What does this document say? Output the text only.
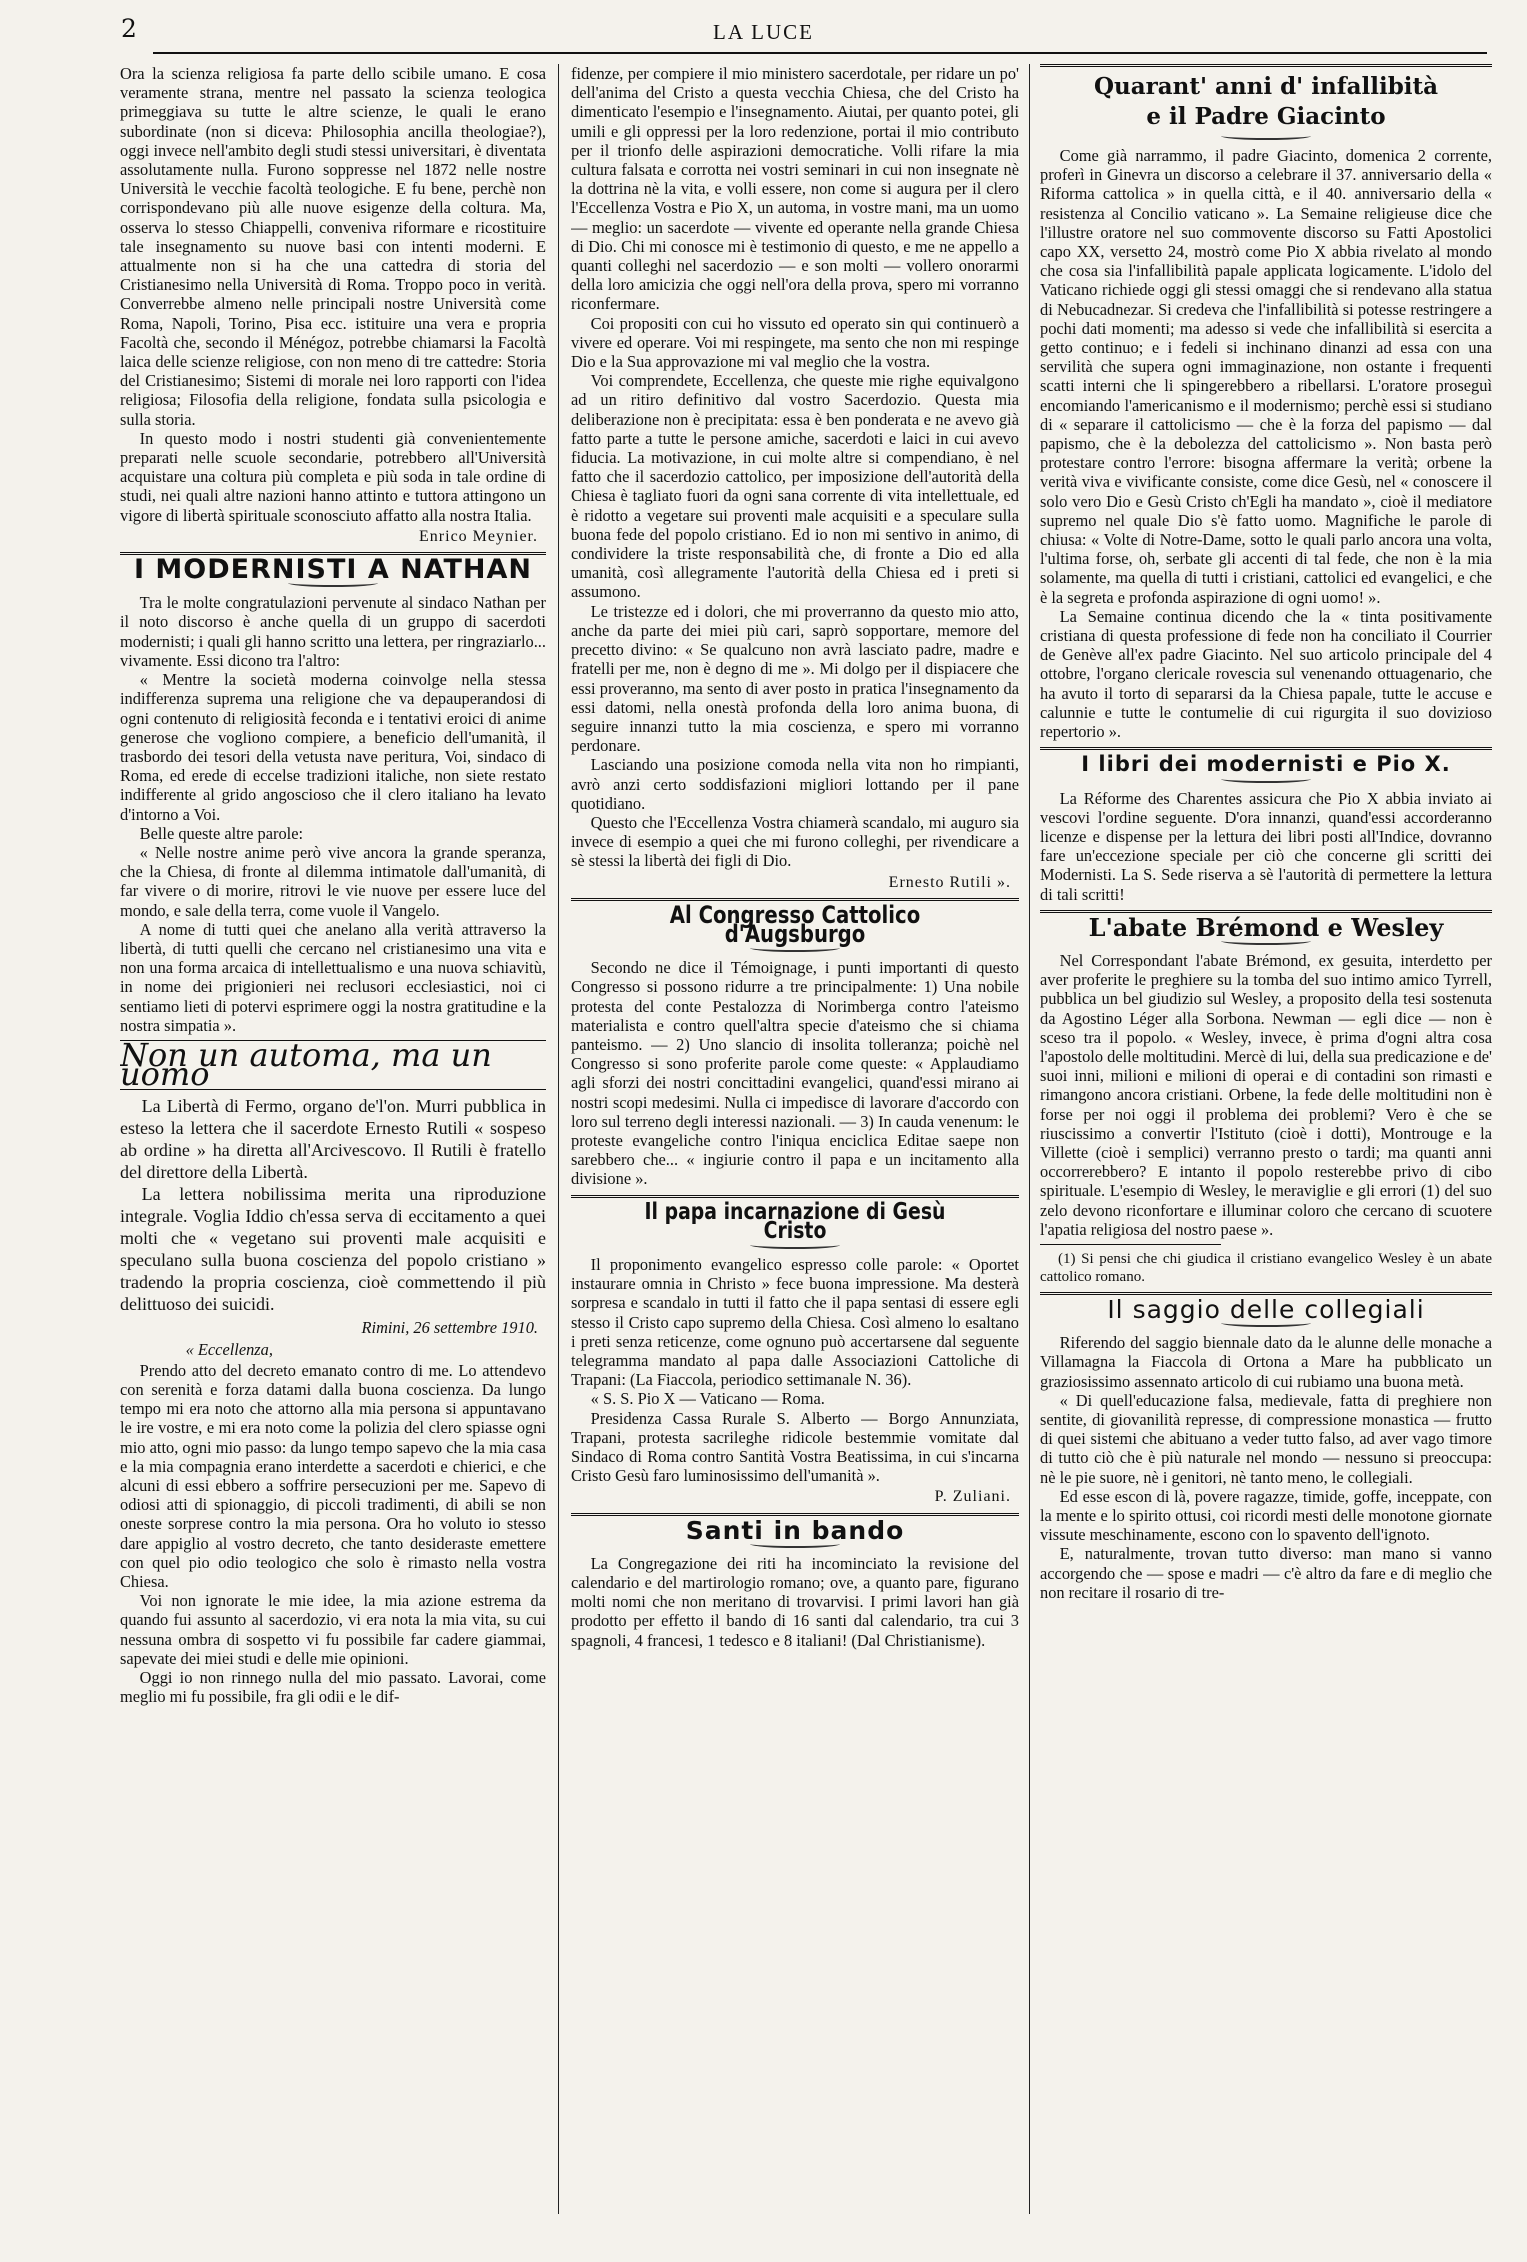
2	LA LUCE

Ora la scienza religiosa fa parte dello scibile umano. E cosa veramente strana, mentre nel passato la scienza teologica primeggiava su tutte le altre scienze, le quali le erano subordinate (non si diceva: Philosophia ancilla theologiae?), oggi invece nell'ambito degli studi stessi universitari, è diventata assolutamente nulla. Furono soppresse nel 1872 nelle nostre Università le vecchie facoltà teologiche. E fu bene, perchè non corrispondevano più alle nuove esigenze della coltura. Ma, osserva lo stesso Chiappelli, conveniva riformare e ricostituire tale insegnamento su nuove basi con intenti moderni. E attualmente non si ha che una cattedra di storia del Cristianesimo nella Università di Roma. Troppo poco in verità. Converrebbe almeno nelle principali nostre Università come Roma, Napoli, Torino, Pisa ecc. istituire una vera e propria Facoltà che, secondo il Ménégoz, potrebbe chiamarsi la Facoltà laica delle scienze religiose, con non meno di tre cattedre: Storia del Cristianesimo; Sistemi di morale nei loro rapporti con l'idea religiosa; Filosofia della religione, fondata sulla psicologia e sulla storia.

In questo modo i nostri studenti già convenientemente preparati nelle scuole secondarie, potrebbero all'Università acquistare una coltura più completa e più soda in tale ordine di studi, nei quali altre nazioni hanno attinto e tuttora attingono un vigore di libertà spirituale sconosciuto affatto alla nostra Italia.

Enrico Meynier.
I MODERNISTI A NATHAN

Tra le molte congratulazioni pervenute al sindaco Nathan per il noto discorso è anche quella di un gruppo di sacerdoti modernisti; i quali gli hanno scritto una lettera, per ringraziarlo... vivamente. Essi dicono tra l'altro:

« Mentre la società moderna coinvolge nella stessa indifferenza suprema una religione che va depauperandosi di ogni contenuto di religiosità feconda e i tentativi eroici di anime generose che vogliono compiere, a beneficio dell'umanità, il trasbordo dei tesori della vetusta nave peritura, Voi, sindaco di Roma, ed erede di eccelse tradizioni italiche, non siete restato indifferente al grido angoscioso che il clero italiano ha levato d'intorno a Voi.

Belle queste altre parole:

« Nelle nostre anime però vive ancora la grande speranza, che la Chiesa, di fronte al dilemma intimatole dall'umanità, di far vivere o di morire, ritrovi le vie nuove per essere luce del mondo, e sale della terra, come vuole il Vangelo.

A nome di tutti quei che anelano alla verità attraverso la libertà, di tutti quelli che cercano nel cristianesimo una vita e non una forma arcaica di intellettualismo e una nuova schiavitù, in nome dei prigionieri nei reclusori ecclesiastici, noi ci sentiamo lieti di potervi esprimere oggi la nostra gratitudine e la nostra simpatia ».

Non un automa, ma un uomo

La Libertà di Fermo, organo de'l'on. Murri pubblica in esteso la lettera che il sacerdote Ernesto Rutili « sospeso ab ordine » ha diretta all'Arcivescovo. Il Rutili è fratello del direttore della Libertà.

La lettera nobilissima merita una riproduzione integrale. Voglia Iddio ch'essa serva di eccitamento a quei molti che « vegetano sui proventi male acquisiti e speculano sulla buona coscienza del popolo cristiano » tradendo la propria coscienza, cioè commettendo il più delittuoso dei suicidi.

Rimini, 26 settembre 1910.
« Eccellenza,

Prendo atto del decreto emanato contro di me. Lo attendevo con serenità e forza datami dalla buona coscienza. Da lungo tempo mi era noto che attorno alla mia persona si appuntavano le ire vostre, e mi era noto come la polizia del clero spiasse ogni mio atto, ogni mio passo: da lungo tempo sapevo che la mia casa e la mia compagnia erano interdette a sacerdoti e chierici, e che alcuni di essi ebbero a soffrire persecuzioni per me. Sapevo di odiosi atti di spionaggio, di piccoli tradimenti, di abili se non oneste sorprese contro la mia persona. Ora ho voluto io stesso dare appiglio al vostro decreto, che tanto desideraste emettere con quel pio odio teologico che solo è rimasto nella vostra Chiesa.

Voi non ignorate le mie idee, la mia azione estrema da quando fui assunto al sacerdozio, vi era nota la mia vita, su cui nessuna ombra di sospetto vi fu possibile far cadere giammai, sapevate dei miei studi e delle mie opinioni.

Oggi io non rinnego nulla del mio passato. Lavorai, come meglio mi fu possibile, fra gli odii e le dif-

fidenze, per compiere il mio ministero sacerdotale, per ridare un po' dell'anima del Cristo a questa vecchia Chiesa, che del Cristo ha dimenticato l'esempio e l'insegnamento. Aiutai, per quanto potei, gli umili e gli oppressi per la loro redenzione, portai il mio contributo per il trionfo delle aspirazioni democratiche. Volli rifare la mia cultura falsata e corrotta nei vostri seminari in cui non insegnate nè la dottrina nè la vita, e volli essere, non come si augura per il clero l'Eccellenza Vostra e Pio X, un automa, in vostre mani, ma un uomo — meglio: un sacerdote — vivente ed operante nella grande Chiesa di Dio. Chi mi conosce mi è testimonio di questo, e me ne appello a quanti colleghi nel sacerdozio — e son molti — vollero onorarmi della loro amicizia che oggi nell'ora della prova, spero mi vorranno riconfermare.

Coi propositi con cui ho vissuto ed operato sin qui continuerò a vivere ed operare. Voi mi respingete, ma sento che non mi respinge Dio e la Sua approvazione mi val meglio che la vostra.

Voi comprendete, Eccellenza, che queste mie righe equivalgono ad un ritiro definitivo dal vostro Sacerdozio. Questa mia deliberazione non è precipitata: essa è ben ponderata e ne avevo già fatto parte a tutte le persone amiche, sacerdoti e laici in cui avevo fiducia. La motivazione, in cui molte altre si compendiano, è nel fatto che il sacerdozio cattolico, per imposizione dell'autorità della Chiesa è tagliato fuori da ogni sana corrente di vita intellettuale, ed è ridotto a vegetare sui proventi male acquisiti e a speculare sulla buona fede del popolo cristiano. Ed io non mi sentivo in animo, di condividere la triste responsabilità che, di fronte a Dio ed alla umanità, così allegramente l'autorità della Chiesa ed i preti si assumono.

Le tristezze ed i dolori, che mi proverranno da questo mio atto, anche da parte dei miei più cari, saprò sopportare, memore del precetto divino: « Se qualcuno non avrà lasciato padre, madre e fratelli per me, non è degno di me ». Mi dolgo per il dispiacere che essi proveranno, ma sento di aver posto in pratica l'insegnamento da essi datomi, nella onestà profonda della loro anima buona, di seguire innanzi tutto la mia coscienza, e spero mi vorranno perdonare.

Lasciando una posizione comoda nella vita non ho rimpianti, avrò anzi certo soddisfazioni migliori lottando per il pane quotidiano.

Questo che l'Eccellenza Vostra chiamerà scandalo, mi auguro sia invece di esempio a quei che mi furono colleghi, per rivendicare a sè stessi la libertà dei figli di Dio.

Ernesto Rutili ».
Al Congresso Cattolico d'Augsburgo

Secondo ne dice il Témoignage, i punti importanti di questo Congresso si possono ridurre a tre principalmente: 1) Una nobile protesta del conte Pestalozza di Norimberga contro l'ateismo materialista e contro quell'altra specie d'ateismo che si chiama panteismo. — 2) Uno slancio di insolita tolleranza; poichè nel Congresso si sono proferite parole come queste: « Applaudiamo agli sforzi dei nostri concittadini evangelici, quand'essi mirano ai nostri scopi medesimi. Nulla ci impedisce di lavorare d'accordo con loro sul terreno degli interessi nazionali. — 3) In cauda venenum: le proteste evangeliche contro l'iniqua enciclica Editae saepe non sarebbero che... « ingiurie contro il papa e un incitamento alla divisione ».

Il papa incarnazione di Gesù Cristo

Il proponimento evangelico espresso colle parole: « Oportet instaurare omnia in Christo » fece buona impressione. Ma desterà sorpresa e scandalo in tutti il fatto che il papa sentasi di essere egli stesso il Cristo capo supremo della Chiesa. Così almeno lo esaltano i preti senza reticenze, come ognuno può accertarsene dal seguente telegramma mandato al papa dalle Associazioni Cattoliche di Trapani: (La Fiaccola, periodico settimanale N. 36).

« S. S. Pio X — Vaticano — Roma.

Presidenza Cassa Rurale S. Alberto — Borgo Annunziata, Trapani, protesta sacrileghe ridicole bestemmie vomitate dal Sindaco di Roma contro Santità Vostra Beatissima, in cui s'incarna Cristo Gesù faro luminosissimo dell'umanità ».

P. Zuliani.
Santi in bando

La Congregazione dei riti ha incominciato la revisione del calendario e del martirologio romano; ove, a quanto pare, figurano molti nomi che non meritano di trovarvisi. I primi lavori han già prodotto per effetto il bando di 16 santi dal calendario, tra cui 3 spagnoli, 4 francesi, 1 tedesco e 8 italiani! (Dal Christianisme).

Quarant' anni d' infallibità
e il Padre Giacinto

Come già narrammo, il padre Giacinto, domenica 2 corrente, proferì in Ginevra un discorso a celebrare il 37. anniversario della « Riforma cattolica » in quella città, e il 40. anniversario della « resistenza al Concilio vaticano ». La Semaine religieuse dice che l'illustre oratore nel suo commovente discorso su Fatti Apostolici capo XX, versetto 24, mostrò come Pio X abbia rivelato al mondo che cosa sia l'infallibilità papale applicata logicamente. L'idolo del Vaticano richiede oggi gli stessi omaggi che si rendevano alla statua di Nebucadnezar. Si credeva che l'infallibilità si potesse restringere a pochi dati momenti; ma adesso si vede che infallibilità si esercita a getto continuo; e i fedeli si inchinano dinanzi ad essa con una servilità che supera ogni immaginazione, non ostante i frequenti scatti interni che li spingerebbero a ribellarsi. L'oratore proseguì encomiando l'americanismo e il modernismo; perchè essi si studiano di « separare il cattolicismo — che è la forza del papismo — dal papismo, che è la debolezza del cattolicismo ». Non basta però protestare contro l'errore: bisogna affermare la verità; orbene la verità viva e vivificante consiste, come dice Gesù, nel « conoscere il solo vero Dio e Gesù Cristo ch'Egli ha mandato », cioè il mediatore supremo nel quale Dio s'è fatto uomo. Magnifiche le parole di chiusa: « Volte di Notre-Dame, sotto le quali parlo ancora una volta, l'ultima forse, oh, serbate gli accenti di tal fede, che non è la mia solamente, ma quella di tutti i cristiani, cattolici ed evangelici, e che è la segreta e profonda aspirazione di ogni uomo! ».

La Semaine continua dicendo che la « tinta positivamente cristiana di questa professione di fede non ha conciliato il Courrier de Genève all'ex padre Giacinto. Nel suo articolo principale del 4 ottobre, l'organo clericale rovescia sul venenando ottuagenario, che ha avuto il torto di separarsi da la Chiesa papale, tutte le accuse e calunnie e tutte le contumelie di cui rigurgita il suo dovizioso repertorio ».

I libri dei modernisti e Pio X.

La Réforme des Charentes assicura che Pio X abbia inviato ai vescovi l'ordine seguente. D'ora innanzi, quand'essi accorderanno licenze e dispense per la lettura dei libri posti all'Indice, dovranno fare un'eccezione speciale per ciò che concerne gli scritti dei Modernisti. La S. Sede riserva a sè l'autorità di permettere la lettura di tali scritti!

L'abate Brémond e Wesley

Nel Correspondant l'abate Brémond, ex gesuita, interdetto per aver proferite le preghiere su la tomba del suo intimo amico Tyrrell, pubblica un bel giudizio sul Wesley, a proposito della tesi sostenuta da Agostino Léger alla Sorbona. Newman — egli dice — non è sceso tra il popolo. « Wesley, invece, è prima d'ogni altra cosa l'apostolo delle moltitudini. Mercè di lui, della sua predicazione e de' suoi inni, milioni e milioni di operai e di contadini son rimasti e rimangono ancora cristiani. Orbene, la fede delle moltitudini non è forse per noi oggi il problema dei problemi? Vero è che se riuscissimo a convertir l'Istituto (cioè i dotti), Montrouge e la Villette (cioè i semplici) verranno presto o tardi; ma quanti anni occorrerebbero? E intanto il popolo resterebbe privo di cibo spirituale. L'esempio di Wesley, le meraviglie e gli errori (1) del suo zelo devono riconfortare e illuminar coloro che cercano di scuotere l'apatia religiosa del nostro paese ».

(1) Si pensi che chi giudica il cristiano evangelico Wesley è un abate cattolico romano.

Il saggio delle collegiali

Riferendo del saggio biennale dato da le alunne delle monache a Villamagna la Fiaccola di Ortona a Mare ha pubblicato un graziosissimo assennato articolo di cui rubiamo una buona metà.

« Di quell'educazione falsa, medievale, fatta di preghiere non sentite, di giovanilità represse, di compressione monastica — frutto di quei sistemi che abituano a veder tutto falso, ad aver vago timore di tutto ciò che è più naturale nel mondo — nessuno si preoccupa: nè le pie suore, nè i genitori, nè tanto meno, le collegiali.

Ed esse escon di là, povere ragazze, timide, goffe, inceppate, con la mente e lo spirito ottusi, coi ricordi mesti delle monotone giornate vissute meschinamente, escono con lo spavento dell'ignoto.

E, naturalmente, trovan tutto diverso: man mano si vanno accorgendo che — spose e madri — c'è altro da fare e di meglio che non recitare il rosario di tre-
